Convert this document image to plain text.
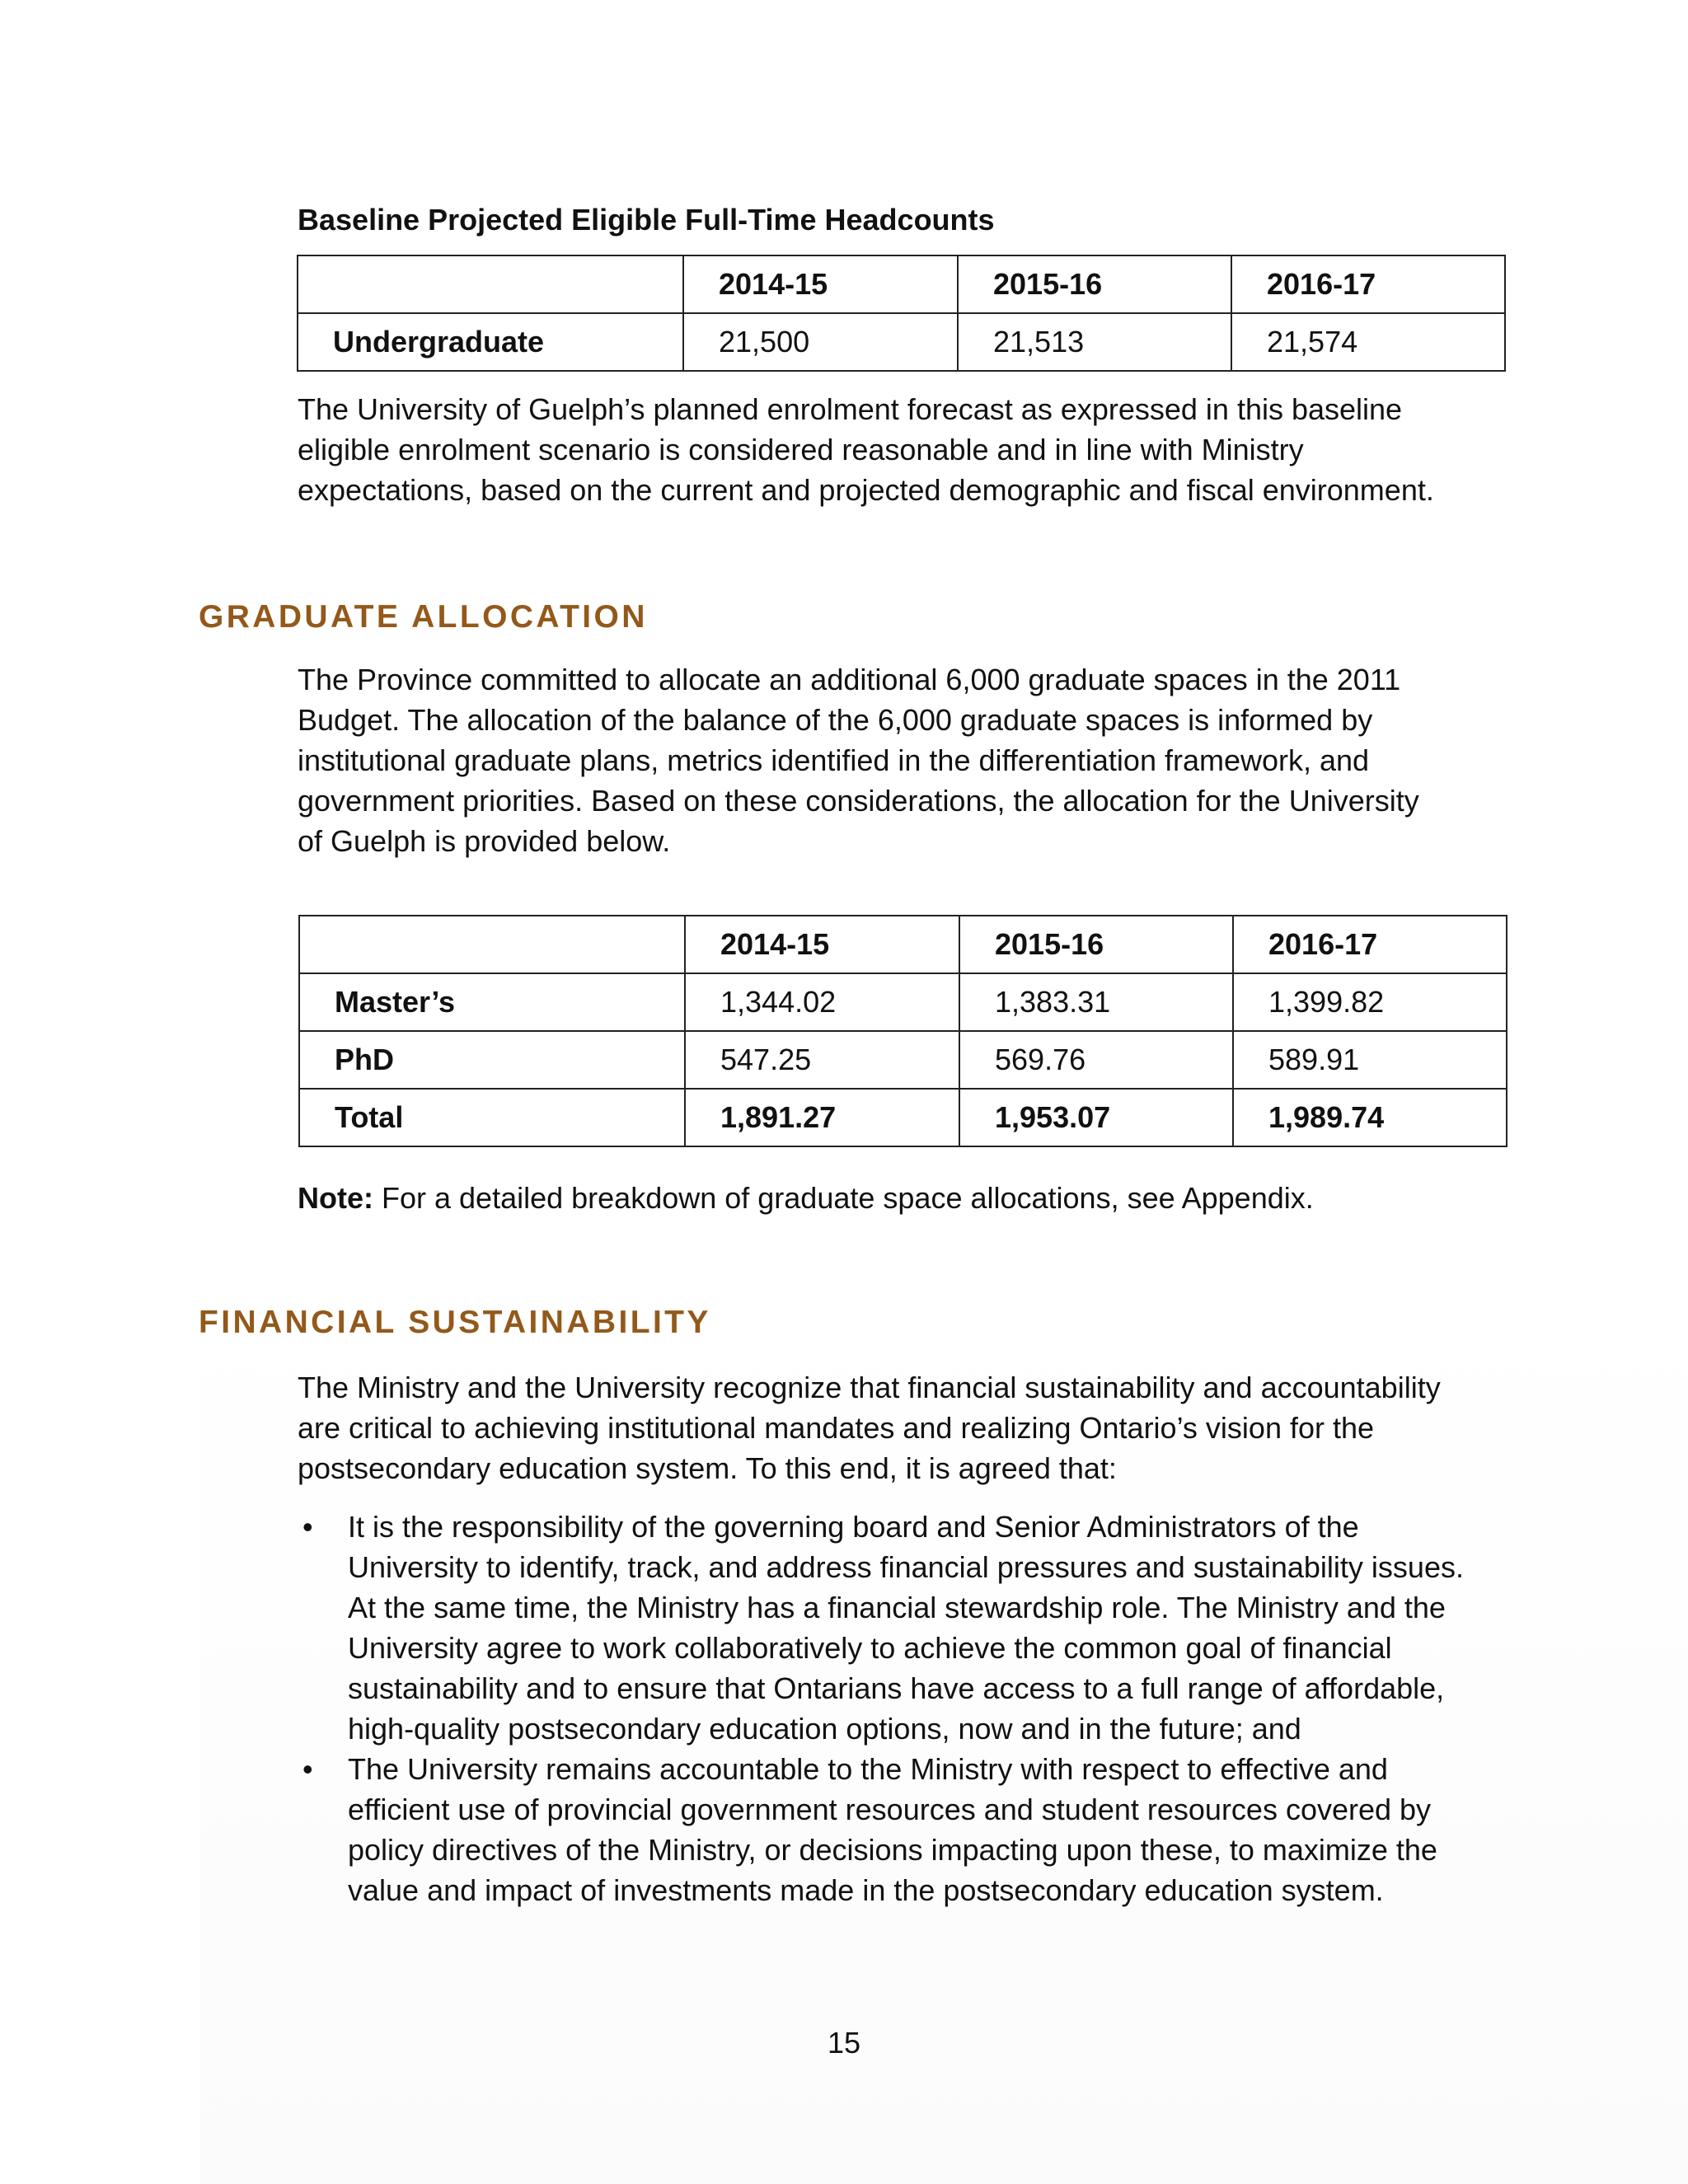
Baseline Projected Eligible Full-Time Headcounts
	2014-15	2015-16	2016-17
Undergraduate	21,500	21,513	21,574
The University of Guelph’s planned enrolment forecast as expressed in this baseline
eligible enrolment scenario is considered reasonable and in line with Ministry
expectations, based on the current and projected demographic and fiscal environment.
GRADUATE ALLOCATION
The Province committed to allocate an additional 6,000 graduate spaces in the 2011
Budget. The allocation of the balance of the 6,000 graduate spaces is informed by
institutional graduate plans, metrics identified in the differentiation framework, and
government priorities. Based on these considerations, the allocation for the University
of Guelph is provided below.
	2014-15	2015-16	2016-17
Master’s	1,344.02	1,383.31	1,399.82
PhD	547.25	569.76	589.91
Total	1,891.27	1,953.07	1,989.74
Note: For a detailed breakdown of graduate space allocations, see Appendix.
FINANCIAL SUSTAINABILITY
The Ministry and the University recognize that financial sustainability and accountability
are critical to achieving institutional mandates and realizing Ontario’s vision for the
postsecondary education system. To this end, it is agreed that:
• It is the responsibility of the governing board and Senior Administrators of the
University to identify, track, and address financial pressures and sustainability issues.
At the same time, the Ministry has a financial stewardship role. The Ministry and the
University agree to work collaboratively to achieve the common goal of financial
sustainability and to ensure that Ontarians have access to a full range of affordable,
high-quality postsecondary education options, now and in the future; and
• The University remains accountable to the Ministry with respect to effective and
efficient use of provincial government resources and student resources covered by
policy directives of the Ministry, or decisions impacting upon these, to maximize the
value and impact of investments made in the postsecondary education system.
15
